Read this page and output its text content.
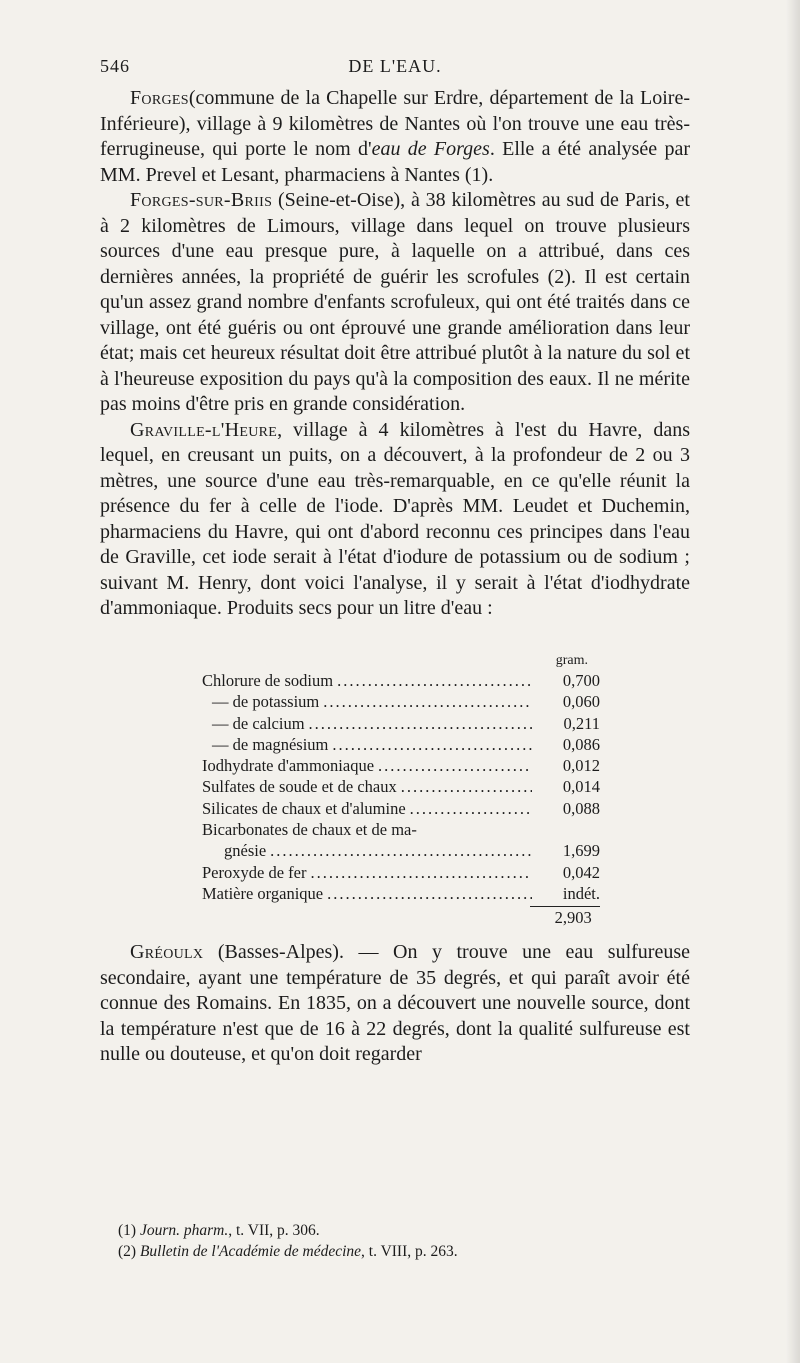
546	DE L'EAU.

Forges(commune de la Chapelle sur Erdre, département de la Loire-Inférieure), village à 9 kilomètres de Nantes où l'on trouve une eau très-ferrugineuse, qui porte le nom d'eau de Forges. Elle a été analysée par MM. Prevel et Lesant, pharmaciens à Nantes (1).

Forges-sur-Briis (Seine-et-Oise), à 38 kilomètres au sud de Paris, et à 2 kilomètres de Limours, village dans lequel on trouve plusieurs sources d'une eau presque pure, à laquelle on a attribué, dans ces dernières années, la propriété de guérir les scrofules (2). Il est certain qu'un assez grand nombre d'enfants scrofuleux, qui ont été traités dans ce village, ont été guéris ou ont éprouvé une grande amélioration dans leur état; mais cet heureux résultat doit être attribué plutôt à la nature du sol et à l'heureuse exposition du pays qu'à la composition des eaux. Il ne mérite pas moins d'être pris en grande considération.

Graville-l'Heure, village à 4 kilomètres à l'est du Havre, dans lequel, en creusant un puits, on a découvert, à la profondeur de 2 ou 3 mètres, une source d'une eau très-remarquable, en ce qu'elle réunit la présence du fer à celle de l'iode. D'après MM. Leudet et Duchemin, pharmaciens du Havre, qui ont d'abord reconnu ces principes dans l'eau de Graville, cet iode serait à l'état d'iodure de potassium ou de sodium ; suivant M. Henry, dont voici l'analyse, il y serait à l'état d'iodhydrate d'ammoniaque. Produits secs pour un litre d'eau :

gram.
Chlorure de sodium .....	0,700
— de potassium .....	0,060
— de calcium .....	0,211
— de magnésium .....	0,086
Iodhydrate d'ammoniaque .....	0,012
Sulfates de soude et de chaux .....	0,014
Silicates de chaux et d'alumine .....	0,088
Bicarbonates de chaux et de ma-
gnésie .....	1,699
Peroxyde de fer .....	0,042
Matière organique .....	indét.
2,903

Gréoulx (Basses-Alpes). — On y trouve une eau sulfureuse secondaire, ayant une température de 35 degrés, et qui paraît avoir été connue des Romains. En 1835, on a découvert une nouvelle source, dont la température n'est que de 16 à 22 degrés, dont la qualité sulfureuse est nulle ou douteuse, et qu'on doit regarder

(1) Journ. pharm., t. VII, p. 306.
(2) Bulletin de l'Académie de médecine, t. VIII, p. 263.
